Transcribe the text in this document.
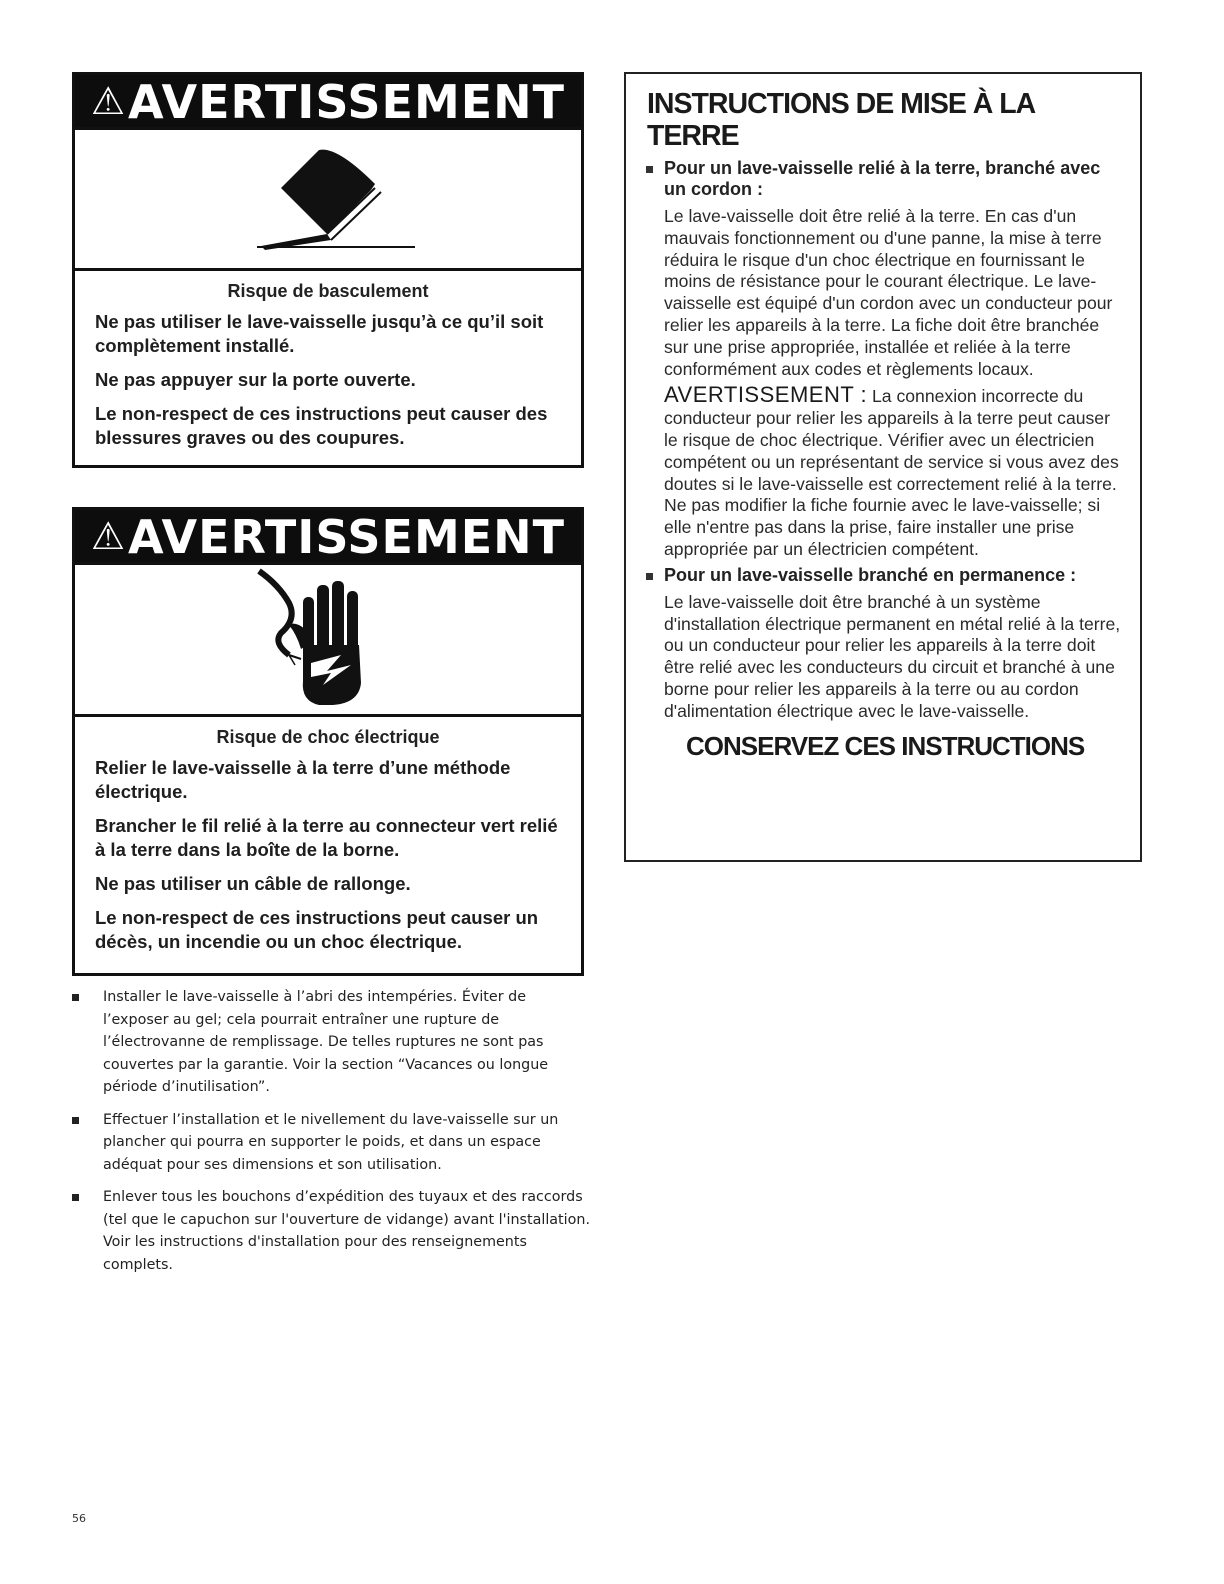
⚠AVERTISSEMENT
Risque de basculement
Ne pas utiliser le lave-vaisselle jusqu’à ce qu’il soit complètement installé.
Ne pas appuyer sur la porte ouverte.
Le non-respect de ces instructions peut causer des blessures graves ou des coupures.
⚠AVERTISSEMENT
Risque de choc électrique
Relier le lave-vaisselle à la terre d’une méthode électrique.
Brancher le fil relié à la terre au connecteur vert relié à la terre dans la boîte de la borne.
Ne pas utiliser un câble de rallonge.
Le non-respect de ces instructions peut causer un décès, un incendie ou un choc électrique.
Installer le lave-vaisselle à l’abri des intempéries. Éviter de l’exposer au gel; cela pourrait entraîner une rupture de l’électrovanne de remplissage. De telles ruptures ne sont pas couvertes par la garantie. Voir la section “Vacances ou longue période d’inutilisation”.
Effectuer l’installation et le nivellement du lave-vaisselle sur un plancher qui pourra en supporter le poids, et dans un espace adéquat pour ses dimensions et son utilisation.
Enlever tous les bouchons d’expédition des tuyaux et des raccords (tel que le capuchon sur l'ouverture de vidange) avant l'installation. Voir les instructions d'installation pour des renseignements complets.
INSTRUCTIONS DE MISE À LA TERRE
Pour un lave-vaisselle relié à la terre, branché avec un cordon :
Le lave-vaisselle doit être relié à la terre. En cas d'un mauvais fonctionnement ou d'une panne, la mise à terre réduira le risque d'un choc électrique en fournissant le moins de résistance pour le courant électrique. Le lave-vaisselle est équipé d'un cordon avec un conducteur pour relier les appareils à la terre. La fiche doit être branchée sur une prise appropriée, installée et reliée à la terre conformément aux codes et règlements locaux.
AVERTISSEMENT : La connexion incorrecte du conducteur pour relier les appareils à la terre peut causer le risque de choc électrique. Vérifier avec un électricien compétent ou un représentant de service si vous avez des doutes si le lave-vaisselle est correctement relié à la terre. Ne pas modifier la fiche fournie avec le lave-vaisselle; si elle n'entre pas dans la prise, faire installer une prise appropriée par un électricien compétent.
Pour un lave-vaisselle branché en permanence :
Le lave-vaisselle doit être branché à un système d'installation électrique permanent en métal relié à la terre, ou un conducteur pour relier les appareils à la terre doit être relié avec les conducteurs du circuit et branché à une borne pour relier les appareils à la terre ou au cordon d'alimentation électrique avec le lave-vaisselle.
CONSERVEZ CES INSTRUCTIONS
56
